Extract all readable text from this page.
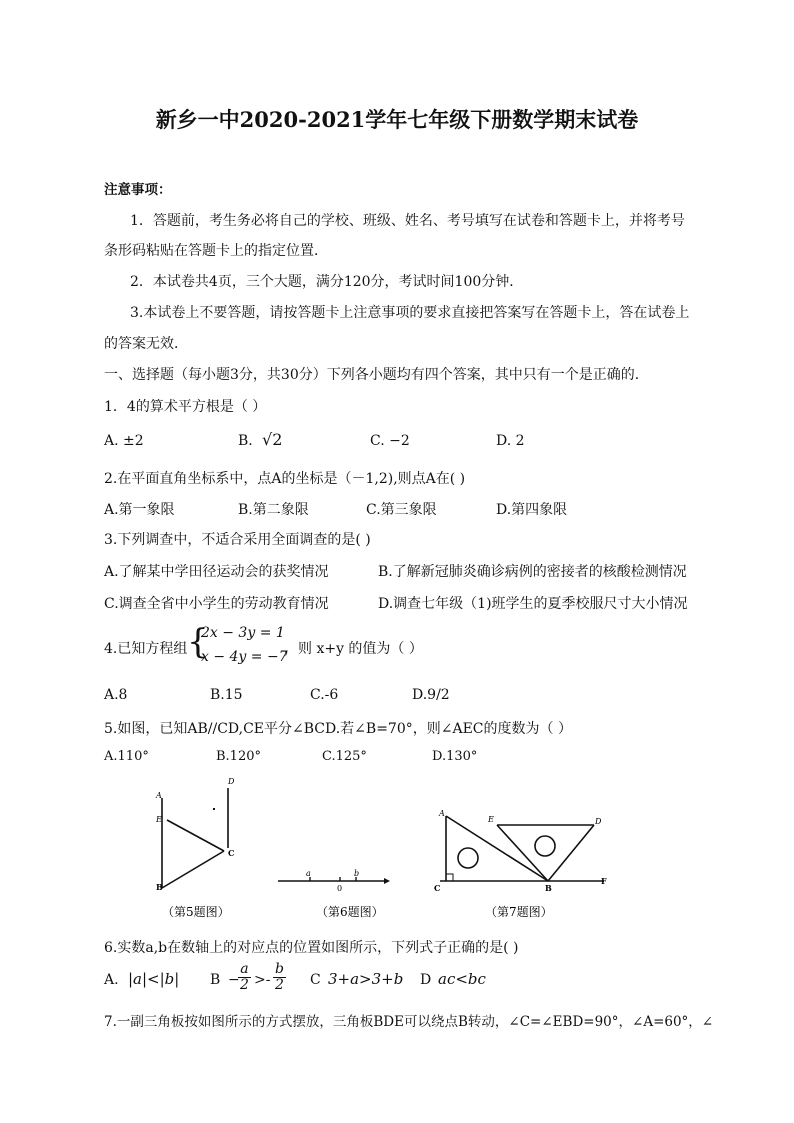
新乡一中2020-2021学年七年级下册数学期末试卷
注意事项：
1．答题前，考生务必将自己的学校、班级、姓名、考号填写在试卷和答题卡上，并将考号
条形码粘贴在答题卡上的指定位置．
2．本试卷共4页，三个大题，满分120分，考试时间100分钟．
3.本试卷上不要答题，请按答题卡上注意事项的要求直接把答案写在答题卡上，答在试卷上
的答案无效．
一、选择题（每小题3分，共30分）下列各小题均有四个答案，其中只有一个是正确的．
1．4的算术平方根是（ ）
A. ±2	B. √2	C. −2	D. 2
2.在平面直角坐标系中，点A的坐标是（－1,2),则点A在( )
A.第一象限	B.第二象限	C.第三象限	D.第四象限
3.下列调查中，不适合采用全面调查的是( )
A.了解某中学田径运动会的获奖情况	B.了解新冠肺炎确诊病例的密接者的核酸检测情况
C.调查全省中小学生的劳动教育情况	D.调查七年级（1)班学生的夏季校服尺寸大小情况
4.已知方程组 {
2x − 3y = 1
x − 4y = −7
，则 x+y 的值为（ ）
A.8	B.15	C.-6	D.9/2
5.如图，已知AB//CD,CE平分∠BCD.若∠B=70°，则∠AEC的度数为（ ）
A.110°	B.120°	C.125°	D.130°
A
D
E
C
B
（第5题图）
a
0
b
（第6题图）
A
E	D
C	B
F
（第7题图）
6.实数a,b在数轴上的对应点的位置如图所示，下列式子正确的是( )
A. |a|<|b| B −
$\frac{a}{2} >- \frac{b}{2}$ C 3+a>3+b D ac<bc
7.一副三角板按如图所示的方式摆放，三角板BDE可以绕点B转动，∠C=∠EBD=90°，∠A=60°，∠
